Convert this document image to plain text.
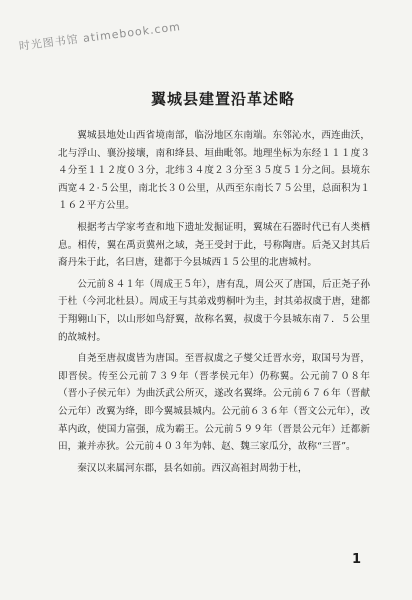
时光图书馆 atimebook.com
翼城县建置沿革述略

翼城县地处山西省境南部，临汾地区东南端。东邻沁水，西连曲沃，北与浮山、襄汾接壤，南和绛县、垣曲毗邻。地理坐标为东经１１１度３４分至１１２度０３分，北纬３４度２３分至３５度５１分之间。县境东西宽４２·５公里，南北长３０公里，从西至东南长７５公里，总面积为１１６２平方公里。

根据考古学家考查和地下遗址发掘证明，翼城在石器时代已有人类栖息。相传，翼在禹贡冀州之域，尧王受封于此，号称陶唐。后尧又封其后裔丹朱于此，名曰唐，建都于今县城西１５公里的北唐城村。

公元前８４１年（周成王５年），唐有乱，周公灭了唐国，后正尧子孙于杜（今河北杜县）。周成王与其弟戏剪桐叶为圭，封其弟叔虞于唐，建都于翔翱山下，以山形如鸟舒翼，故称名翼，叔虞于今县城东南７．５公里的故城村。

自尧至唐叔虞皆为唐国。至晋叔虞之子燮父迁晋水旁，取国号为晋，即晋侯。传至公元前７３９年（晋孝侯元年）仍称翼。公元前７０８年（晋小子侯元年）为曲沃武公所灭，遂改名翼绛。公元前６７６年（晋献公元年）改翼为绛，即今翼城县城内。公元前６３６年（晋文公元年），改革内政，使国力富强，成为霸王。公元前５９９年（晋景公元年）迁都新田，兼并赤狄。公元前４０３年为韩、赵、魏三家瓜分，故称“三晋”。

秦汉以来属河东郡，县名如前。西汉高祖封周勃于杜，

1
